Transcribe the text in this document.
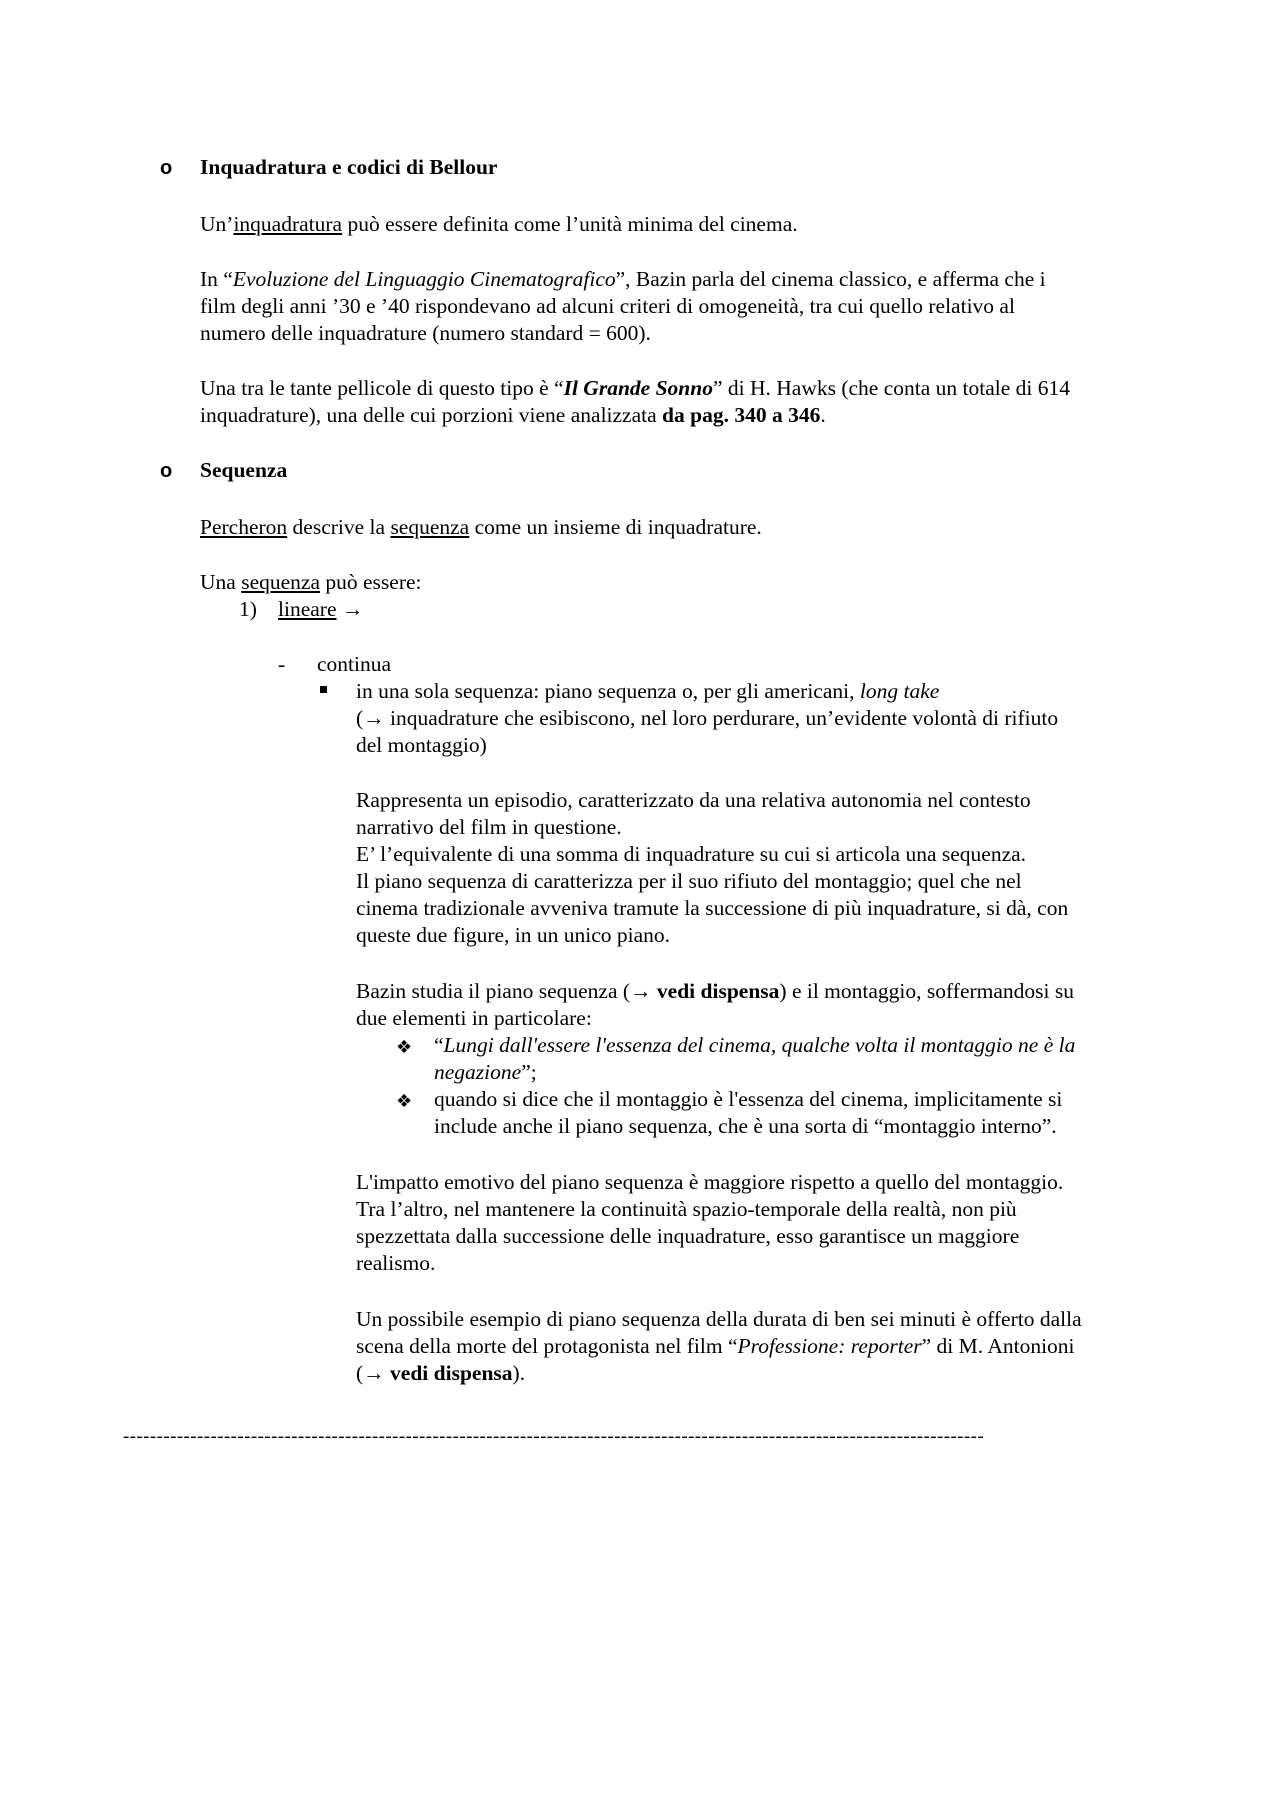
o Inquadratura e codici di Bellour
Un’inquadratura può essere definita come l’unità minima del cinema.
In “Evoluzione del Linguaggio Cinematografico”, Bazin parla del cinema classico, e afferma che i
film degli anni ’30 e ’40 rispondevano ad alcuni criteri di omogeneità, tra cui quello relativo al
numero delle inquadrature (numero standard = 600).
Una tra le tante pellicole di questo tipo è “Il Grande Sonno” di H. Hawks (che conta un totale di 614
inquadrature), una delle cui porzioni viene analizzata da pag. 340 a 346.
o Sequenza
Percheron descrive la sequenza come un insieme di inquadrature.
Una sequenza può essere:
1) lineare →
- continua
in una sola sequenza: piano sequenza o, per gli americani, long take
(→ inquadrature che esibiscono, nel loro perdurare, un’evidente volontà di rifiuto
del montaggio)
Rappresenta un episodio, caratterizzato da una relativa autonomia nel contesto
narrativo del film in questione.
E’ l’equivalente di una somma di inquadrature su cui si articola una sequenza.
Il piano sequenza di caratterizza per il suo rifiuto del montaggio; quel che nel
cinema tradizionale avveniva tramute la successione di più inquadrature, si dà, con
queste due figure, in un unico piano.
Bazin studia il piano sequenza (→ vedi dispensa) e il montaggio, soffermandosi su
due elementi in particolare:
❖ “Lungi dall'essere l'essenza del cinema, qualche volta il montaggio ne è la
negazione”;
❖ quando si dice che il montaggio è l'essenza del cinema, implicitamente si
include anche il piano sequenza, che è una sorta di “montaggio interno”.
L'impatto emotivo del piano sequenza è maggiore rispetto a quello del montaggio.
Tra l’altro, nel mantenere la continuità spazio-temporale della realtà, non più
spezzettata dalla successione delle inquadrature, esso garantisce un maggiore
realismo.
Un possibile esempio di piano sequenza della durata di ben sei minuti è offerto dalla
scena della morte del protagonista nel film “Professione: reporter” di M. Antonioni
(→ vedi dispensa).
--------------------------------------------------------------------------------------------------------------------------------
